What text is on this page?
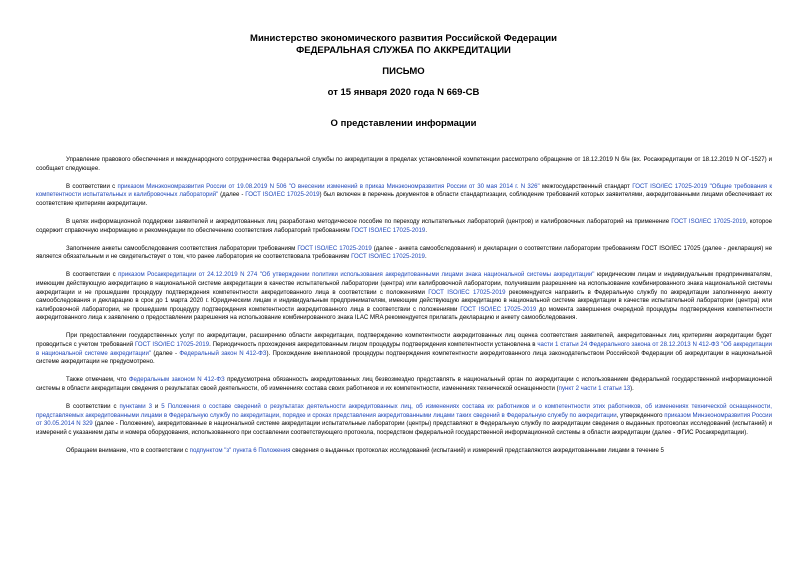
Министерство экономического развития Российской Федерации
ФЕДЕРАЛЬНАЯ СЛУЖБА ПО АККРЕДИТАЦИИ
ПИСЬМО
от 15 января 2020 года N 669-СВ
О представлении информации

Управление правового обеспечения и международного сотрудничества Федеральной службы по аккредитации в пределах установленной компетенции рассмотрело обращение от 18.12.2019 N б/н (вх. Росаккредитации от 18.12.2019 N ОГ-1527) и сообщает следующее.

В соответствии с приказом Минэкономразвития России от 19.08.2019 N 506 "О внесении изменений в приказ Минэкономразвития России от 30 мая 2014 г. N 326" межгосударственный стандарт ГОСТ ISO/IEC 17025-2019 "Общие требования к компетентности испытательных и калибровочных лабораторий" (далее - ГОСТ ISO/IEC 17025-2019) был включен в перечень документов в области стандартизации, соблюдение требований которых заявителями, аккредитованными лицами обеспечивает их соответствие критериям аккредитации.

В целях информационной поддержки заявителей и аккредитованных лиц разработано методическое пособие по переходу испытательных лабораторий (центров) и калибровочных лабораторий на применение ГОСТ ISO/IEC 17025-2019, которое содержит справочную информацию и рекомендации по обеспечению соответствия лабораторий требованиям ГОСТ ISO/IEC 17025-2019.

Заполнение анкеты самообследования соответствия лаборатории требованиям ГОСТ ISO/IEC 17025-2019 (далее - анкета самообследования) и декларации о соответствии лаборатории требованиям ГОСТ ISO/IEC 17025 (далее - декларация) не является обязательным и не свидетельствует о том, что ранее лаборатория не соответствовала требованиям ГОСТ ISO/IEC 17025-2019.

В соответствии с приказом Росаккредитации от 24.12.2019 N 274 "Об утверждении политики использования аккредитованными лицами знака национальной системы аккредитации" юридическим лицам и индивидуальным предпринимателям, имеющим действующую аккредитацию в национальной системе аккредитации в качестве испытательной лаборатории (центра) или калибровочной лаборатории, получившим разрешение на использование комбинированного знака национальной системы аккредитации и не прошедшим процедуру подтверждения компетентности аккредитованного лица в соответствии с положениями ГОСТ ISO/IEC 17025-2019 рекомендуется направить в Федеральную службу по аккредитации заполненную анкету самообследования и декларацию в срок до 1 марта 2020 г. Юридическим лицам и индивидуальным предпринимателям, имеющим действующую аккредитацию в национальной системе аккредитации в качестве испытательной лаборатории (центра) или калибровочной лаборатории, не прошедшим процедуру подтверждения компетентности аккредитованного лица в соответствии с положениями ГОСТ ISO/IEC 17025-2019 до момента завершения очередной процедуры подтверждения компетентности аккредитованного лица к заявлению о предоставлении разрешения на использование комбинированного знака ILAC MRA рекомендуется прилагать декларацию и анкету самообследования.

При предоставлении государственных услуг по аккредитации, расширению области аккредитации, подтверждению компетентности аккредитованных лиц оценка соответствия заявителей, аккредитованных лиц критериям аккредитации будет проводиться с учетом требований ГОСТ ISO/IEC 17025-2019. Периодичность прохождения аккредитованным лицом процедуры подтверждения компетентности установлена в части 1 статьи 24 Федерального закона от 28.12.2013 N 412-ФЗ "Об аккредитации в национальной системе аккредитации" (далее - Федеральный закон N 412-ФЗ). Прохождение внеплановой процедуры подтверждения компетентности аккредитованного лица законодательством Российской Федерации об аккредитации в национальной системе аккредитации не предусмотрено.

Также отмечаем, что Федеральным законом N 412-ФЗ предусмотрена обязанность аккредитованных лиц безвозмездно представлять в национальный орган по аккредитации с использованием федеральной государственной информационной системы в области аккредитации сведения о результатах своей деятельности, об изменениях состава своих работников и их компетентности, изменениях технической оснащенности (пункт 2 части 1 статьи 13).

В соответствии с пунктами 3 и 5 Положения о составе сведений о результатах деятельности аккредитованных лиц, об изменениях состава их работников и о компетентности этих работников, об изменениях технической оснащенности, представляемых аккредитованными лицами в Федеральную службу по аккредитации, порядке и сроках представления аккредитованными лицами таких сведений в Федеральную службу по аккредитации, утвержденного приказом Минэкономразвития России от 30.05.2014 N 329 (далее - Положение), аккредитованные в национальной системе аккредитации испытательные лаборатории (центры) представляют в Федеральную службу по аккредитации сведения о выданных протоколах исследований (испытаний) и измерений с указанием даты и номера оборудования, использованного при составлении соответствующего протокола, посредством федеральной государственной информационной системы в области аккредитации (далее - ФГИС Росаккредитации).

Обращаем внимание, что в соответствии с подпунктом "з" пункта 6 Положения сведения о выданных протоколах исследований (испытаний) и измерений представляются аккредитованными лицами в течение 5
